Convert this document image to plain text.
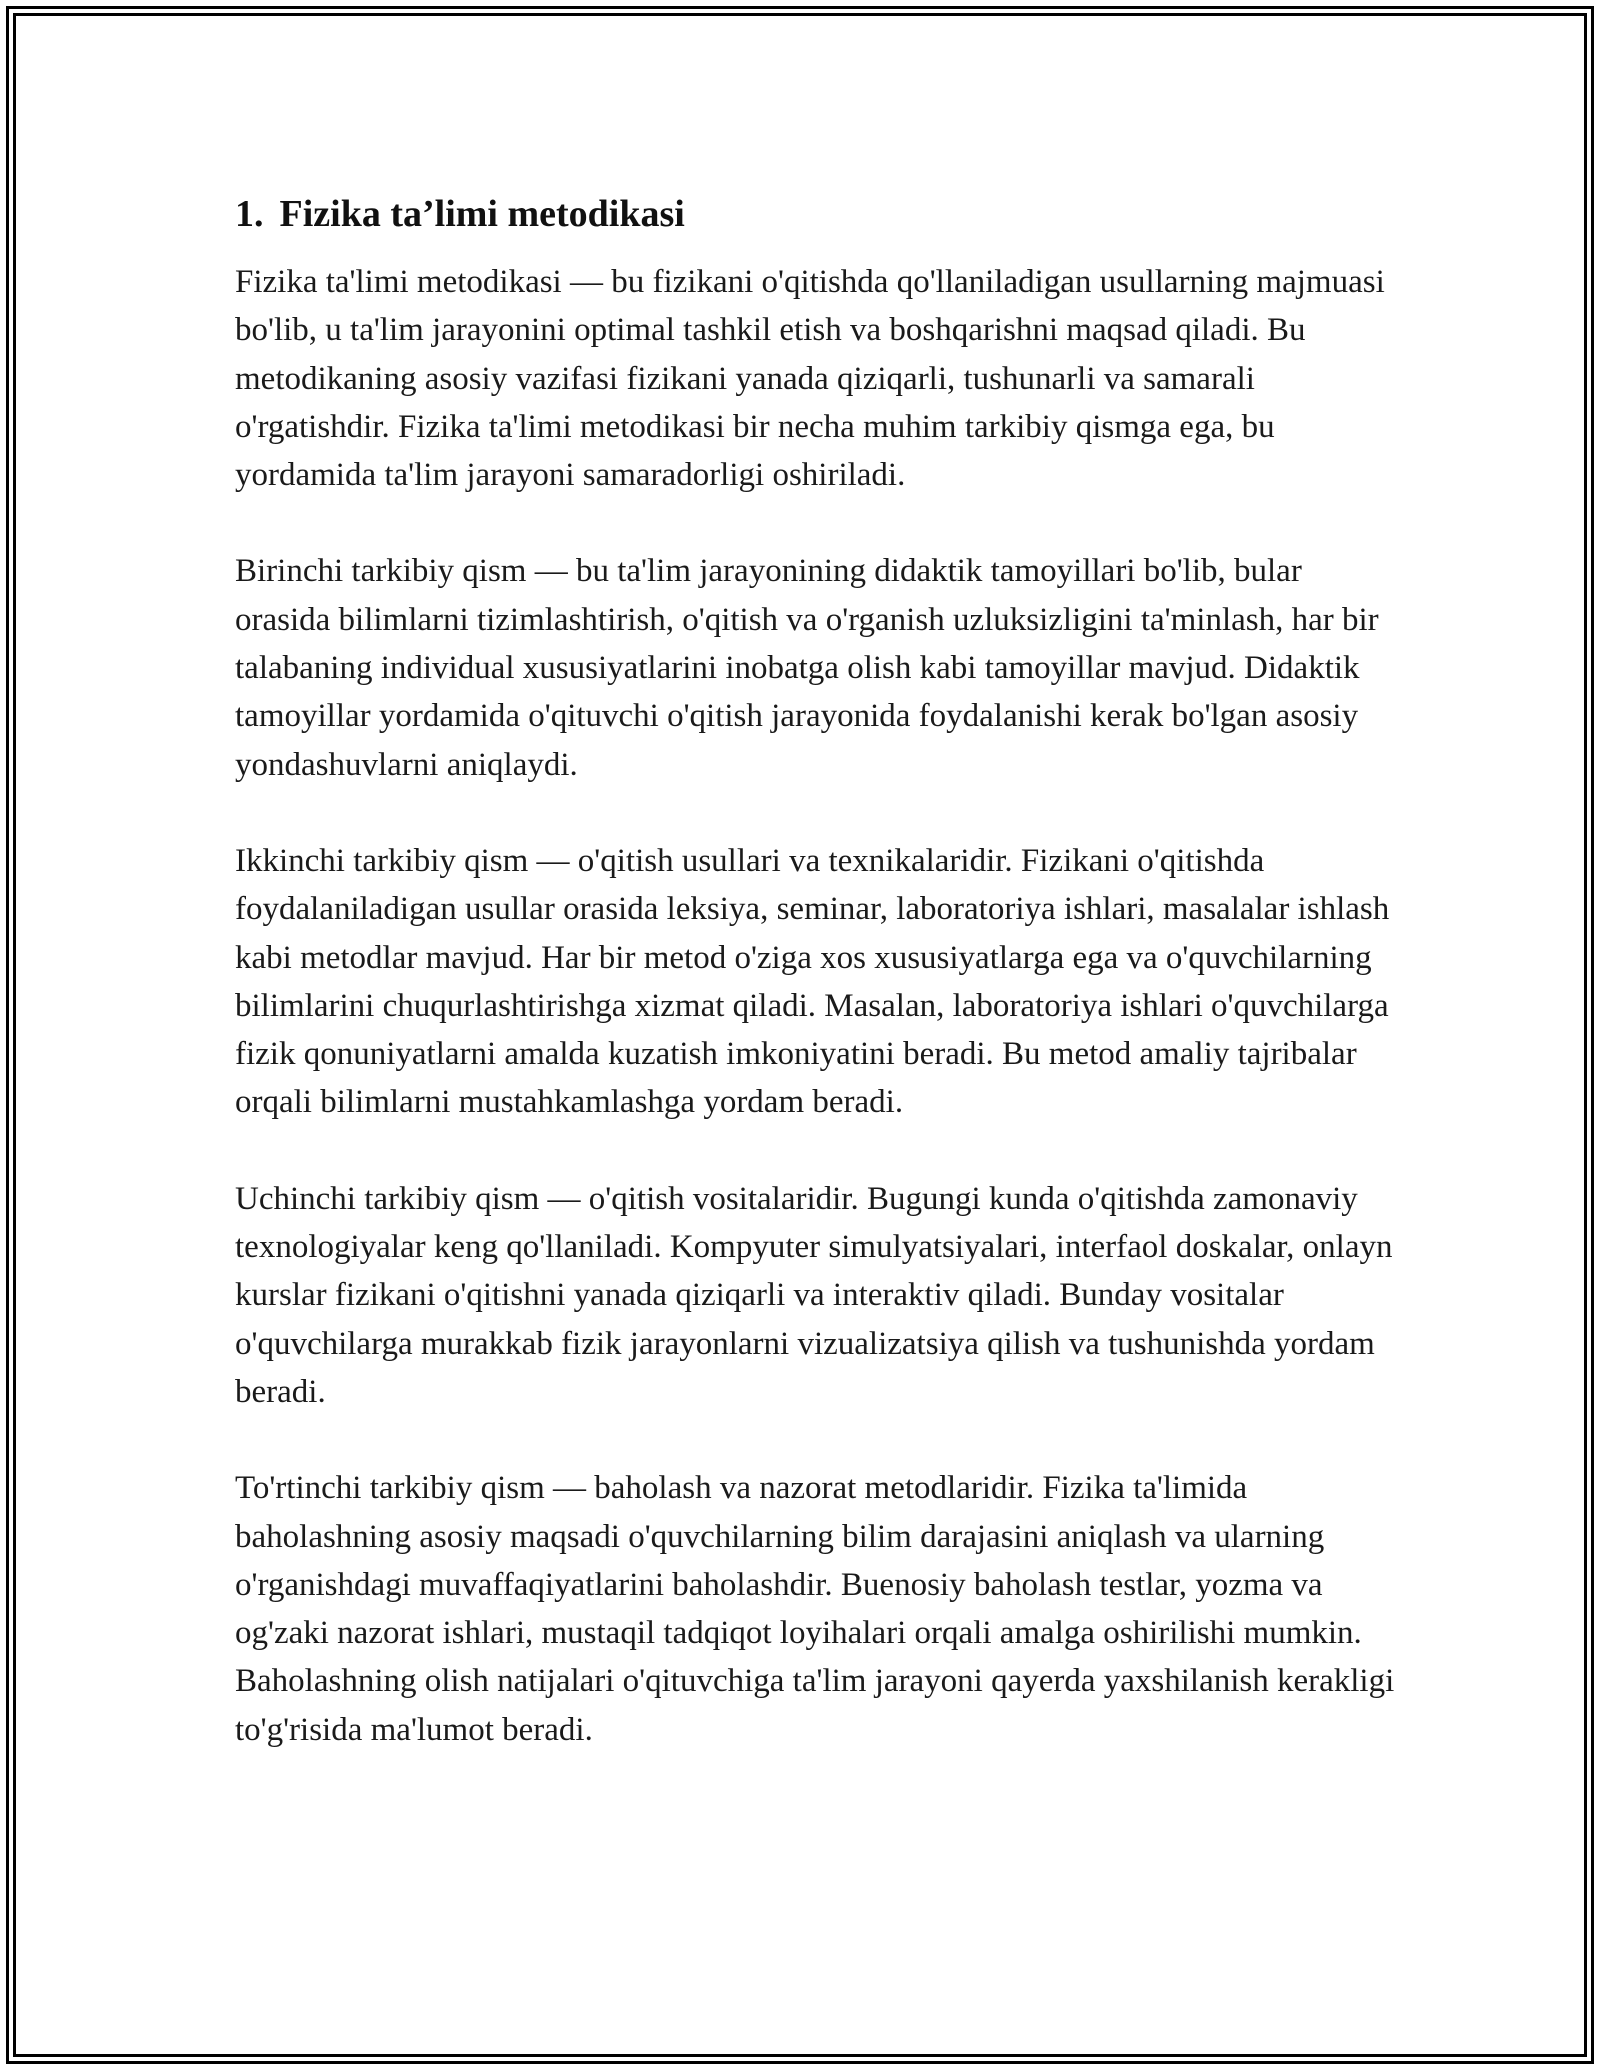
1. Fizika ta’limi metodikasi

Fizika ta'limi metodikasi — bu fizikani o'qitishda qo'llaniladigan usullarning majmuasi bo'lib, u ta'lim jarayonini optimal tashkil etish va boshqarishni maqsad qiladi. Bu metodikaning asosiy vazifasi fizikani yanada qiziqarli, tushunarli va samarali o'rgatishdir. Fizika ta'limi metodikasi bir necha muhim tarkibiy qismga ega, bu yordamida ta'lim jarayoni samaradorligi oshiriladi.

Birinchi tarkibiy qism — bu ta'lim jarayonining didaktik tamoyillari bo'lib, bular orasida bilimlarni tizimlashtirish, o'qitish va o'rganish uzluksizligini ta'minlash, har bir talabaning individual xususiyatlarini inobatga olish kabi tamoyillar mavjud. Didaktik tamoyillar yordamida o'qituvchi o'qitish jarayonida foydalanishi kerak bo'lgan asosiy yondashuvlarni aniqlaydi.

Ikkinchi tarkibiy qism — o'qitish usullari va texnikalaridir. Fizikani o'qitishda foydalaniladigan usullar orasida leksiya, seminar, laboratoriya ishlari, masalalar ishlash kabi metodlar mavjud. Har bir metod o'ziga xos xususiyatlarga ega va o'quvchilarning bilimlarini chuqurlashtirishga xizmat qiladi. Masalan, laboratoriya ishlari o'quvchilarga fizik qonuniyatlarni amalda kuzatish imkoniyatini beradi. Bu metod amaliy tajribalar orqali bilimlarni mustahkamlashga yordam beradi.

Uchinchi tarkibiy qism — o'qitish vositalaridir. Bugungi kunda o'qitishda zamonaviy texnologiyalar keng qo'llaniladi. Kompyuter simulyatsiyalari, interfaol doskalar, onlayn kurslar fizikani o'qitishni yanada qiziqarli va interaktiv qiladi. Bunday vositalar o'quvchilarga murakkab fizik jarayonlarni vizualizatsiya qilish va tushunishda yordam beradi.

To'rtinchi tarkibiy qism — baholash va nazorat metodlaridir. Fizika ta'limida baholashning asosiy maqsadi o'quvchilarning bilim darajasini aniqlash va ularning o'rganishdagi muvaffaqiyatlarini baholashdir. Buenosiy baholash testlar, yozma va og'zaki nazorat ishlari, mustaqil tadqiqot loyihalari orqali amalga oshirilishi mumkin. Baholashning olish natijalari o'qituvchiga ta'lim jarayoni qayerda yaxshilanish kerakligi to'g'risida ma'lumot beradi.
